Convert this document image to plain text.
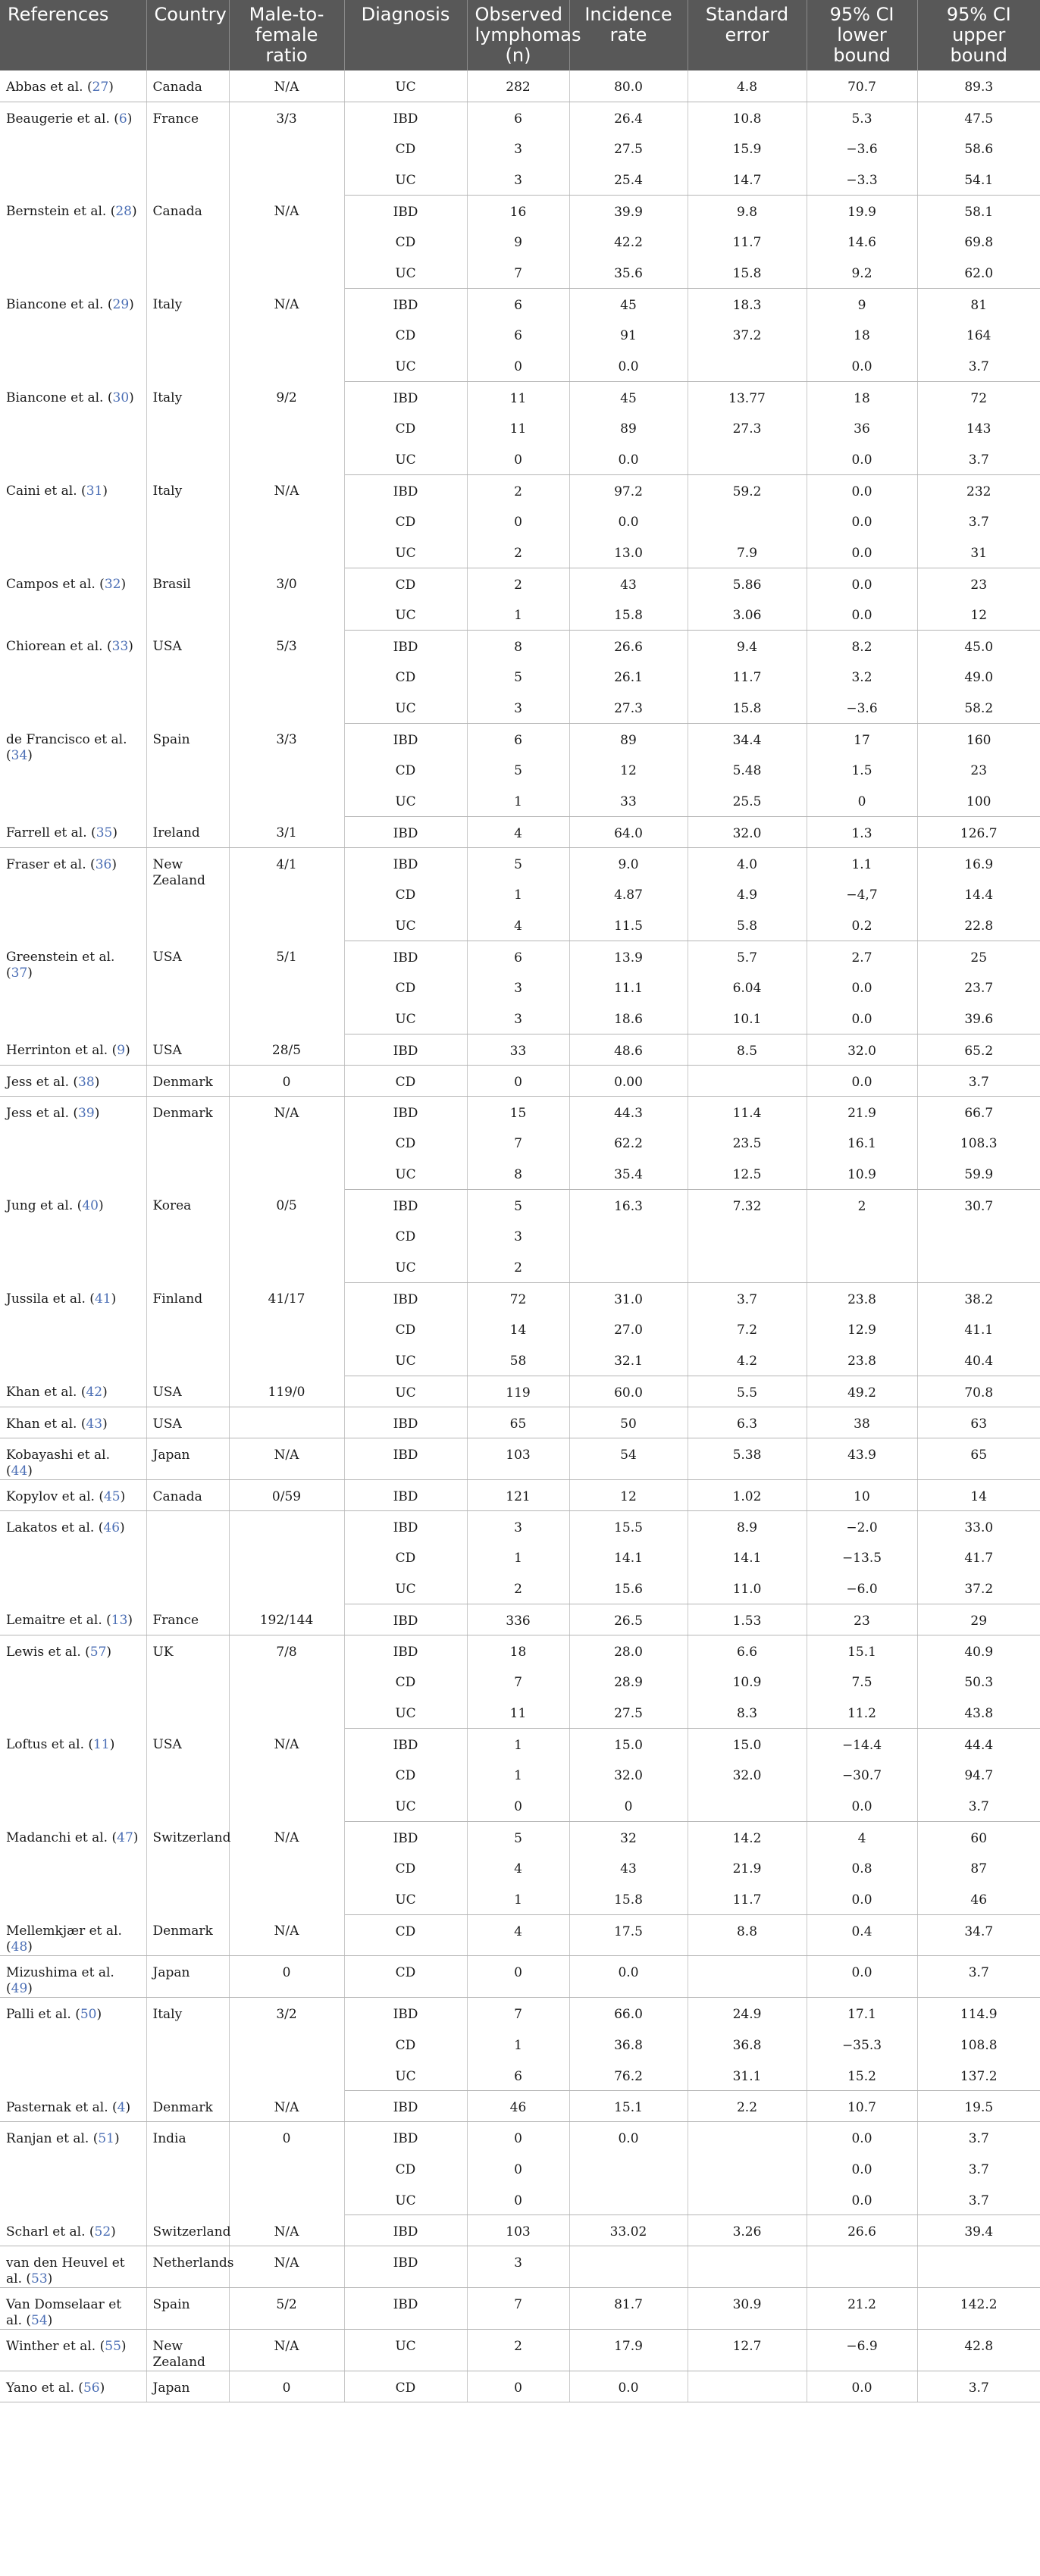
References	Country	Male-to-female ratio	Diagnosis	Observed lymphomas (n)	Incidence rate	Standard error	95% CI lower bound	95% CI upper bound
Abbas et al. (27)	Canada	N/A	UC	282	80.0	4.8	70.7	89.3
Beaugerie et al. (6)	France	3/3	IBD	6	26.4	10.8	5.3	47.5
			CD	3	27.5	15.9	−3.6	58.6
			UC	3	25.4	14.7	−3.3	54.1
Bernstein et al. (28)	Canada	N/A	IBD	16	39.9	9.8	19.9	58.1
			CD	9	42.2	11.7	14.6	69.8
			UC	7	35.6	15.8	9.2	62.0
Biancone et al. (29)	Italy	N/A	IBD	6	45	18.3	9	81
			CD	6	91	37.2	18	164
			UC	0	0.0		0.0	3.7
Biancone et al. (30)	Italy	9/2	IBD	11	45	13.77	18	72
			CD	11	89	27.3	36	143
			UC	0	0.0		0.0	3.7
Caini et al. (31)	Italy	N/A	IBD	2	97.2	59.2	0.0	232
			CD	0	0.0		0.0	3.7
			UC	2	13.0	7.9	0.0	31
Campos et al. (32)	Brasil	3/0	CD	2	43	5.86	0.0	23
			UC	1	15.8	3.06	0.0	12
Chiorean et al. (33)	USA	5/3	IBD	8	26.6	9.4	8.2	45.0
			CD	5	26.1	11.7	3.2	49.0
			UC	3	27.3	15.8	−3.6	58.2
de Francisco et al. (34)	Spain	3/3	IBD	6	89	34.4	17	160
			CD	5	12	5.48	1.5	23
			UC	1	33	25.5	0	100
Farrell et al. (35)	Ireland	3/1	IBD	4	64.0	32.0	1.3	126.7
Fraser et al. (36)	New Zealand	4/1	IBD	5	9.0	4.0	1.1	16.9
			CD	1	4.87	4.9	−4,7	14.4
			UC	4	11.5	5.8	0.2	22.8
Greenstein et al. (37)	USA	5/1	IBD	6	13.9	5.7	2.7	25
			CD	3	11.1	6.04	0.0	23.7
			UC	3	18.6	10.1	0.0	39.6
Herrinton et al. (9)	USA	28/5	IBD	33	48.6	8.5	32.0	65.2
Jess et al. (38)	Denmark	0	CD	0	0.00		0.0	3.7
Jess et al. (39)	Denmark	N/A	IBD	15	44.3	11.4	21.9	66.7
			CD	7	62.2	23.5	16.1	108.3
			UC	8	35.4	12.5	10.9	59.9
Jung et al. (40)	Korea	0/5	IBD	5	16.3	7.32	2	30.7
			CD	3				
			UC	2				
Jussila et al. (41)	Finland	41/17	IBD	72	31.0	3.7	23.8	38.2
			CD	14	27.0	7.2	12.9	41.1
			UC	58	32.1	4.2	23.8	40.4
Khan et al. (42)	USA	119/0	UC	119	60.0	5.5	49.2	70.8
Khan et al. (43)	USA		IBD	65	50	6.3	38	63
Kobayashi et al. (44)	Japan	N/A	IBD	103	54	5.38	43.9	65
Kopylov et al. (45)	Canada	0/59	IBD	121	12	1.02	10	14
Lakatos et al. (46)			IBD	3	15.5	8.9	−2.0	33.0
			CD	1	14.1	14.1	−13.5	41.7
			UC	2	15.6	11.0	−6.0	37.2
Lemaitre et al. (13)	France	192/144	IBD	336	26.5	1.53	23	29
Lewis et al. (57)	UK	7/8	IBD	18	28.0	6.6	15.1	40.9
			CD	7	28.9	10.9	7.5	50.3
			UC	11	27.5	8.3	11.2	43.8
Loftus et al. (11)	USA	N/A	IBD	1	15.0	15.0	−14.4	44.4
			CD	1	32.0	32.0	−30.7	94.7
			UC	0	0		0.0	3.7
Madanchi et al. (47)	Switzerland	N/A	IBD	5	32	14.2	4	60
			CD	4	43	21.9	0.8	87
			UC	1	15.8	11.7	0.0	46
Mellemkjær et al. (48)	Denmark	N/A	CD	4	17.5	8.8	0.4	34.7
Mizushima et al. (49)	Japan	0	CD	0	0.0		0.0	3.7
Palli et al. (50)	Italy	3/2	IBD	7	66.0	24.9	17.1	114.9
			CD	1	36.8	36.8	−35.3	108.8
			UC	6	76.2	31.1	15.2	137.2
Pasternak et al. (4)	Denmark	N/A	IBD	46	15.1	2.2	10.7	19.5
Ranjan et al. (51)	India	0	IBD	0	0.0		0.0	3.7
			CD	0			0.0	3.7
			UC	0			0.0	3.7
Scharl et al. (52)	Switzerland	N/A	IBD	103	33.02	3.26	26.6	39.4
van den Heuvel et al. (53)	Netherlands	N/A	IBD	3				
Van Domselaar et al. (54)	Spain	5/2	IBD	7	81.7	30.9	21.2	142.2
Winther et al. (55)	New Zealand	N/A	UC	2	17.9	12.7	−6.9	42.8
Yano et al. (56)	Japan	0	CD	0	0.0		0.0	3.7
